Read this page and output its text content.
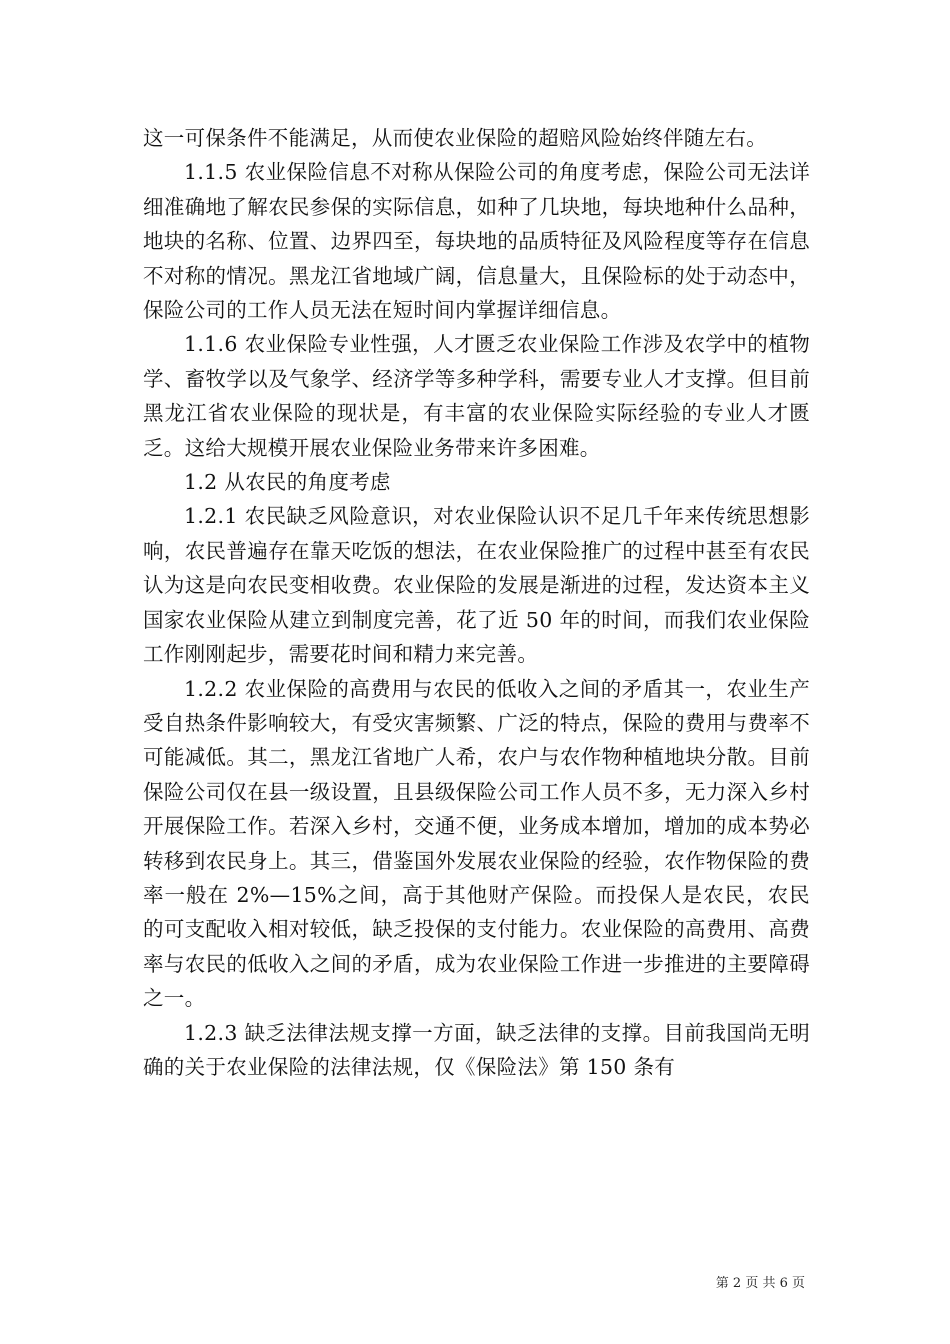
这一可保条件不能满足，从而使农业保险的超赔风险始终伴随左右。

1.1.5 农业保险信息不对称从保险公司的角度考虑，保险公司无法详细准确地了解农民参保的实际信息，如种了几块地，每块地种什么品种，地块的名称、位置、边界四至，每块地的品质特征及风险程度等存在信息不对称的情况。黑龙江省地域广阔，信息量大，且保险标的处于动态中，保险公司的工作人员无法在短时间内掌握详细信息。

1.1.6 农业保险专业性强，人才匮乏农业保险工作涉及农学中的植物学、畜牧学以及气象学、经济学等多种学科，需要专业人才支撑。但目前黑龙江省农业保险的现状是，有丰富的农业保险实际经验的专业人才匮乏。这给大规模开展农业保险业务带来许多困难。

1.2 从农民的角度考虑

1.2.1 农民缺乏风险意识，对农业保险认识不足几千年来传统思想影响，农民普遍存在靠天吃饭的想法，在农业保险推广的过程中甚至有农民认为这是向农民变相收费。农业保险的发展是渐进的过程，发达资本主义国家农业保险从建立到制度完善，花了近 50 年的时间，而我们农业保险工作刚刚起步，需要花时间和精力来完善。

1.2.2 农业保险的高费用与农民的低收入之间的矛盾其一，农业生产受自热条件影响较大，有受灾害频繁、广泛的特点，保险的费用与费率不可能减低。其二，黑龙江省地广人希，农户与农作物种植地块分散。目前保险公司仅在县一级设置，且县级保险公司工作人员不多，无力深入乡村开展保险工作。若深入乡村，交通不便，业务成本增加，增加的成本势必转移到农民身上。其三，借鉴国外发展农业保险的经验，农作物保险的费率一般在 2%—15%之间，高于其他财产保险。而投保人是农民，农民的可支配收入相对较低，缺乏投保的支付能力。农业保险的高费用、高费率与农民的低收入之间的矛盾，成为农业保险工作进一步推进的主要障碍之一。

1.2.3 缺乏法律法规支撑一方面，缺乏法律的支撑。目前我国尚无明确的关于农业保险的法律法规，仅《保险法》第 150 条有

第 2 页 共 6 页
